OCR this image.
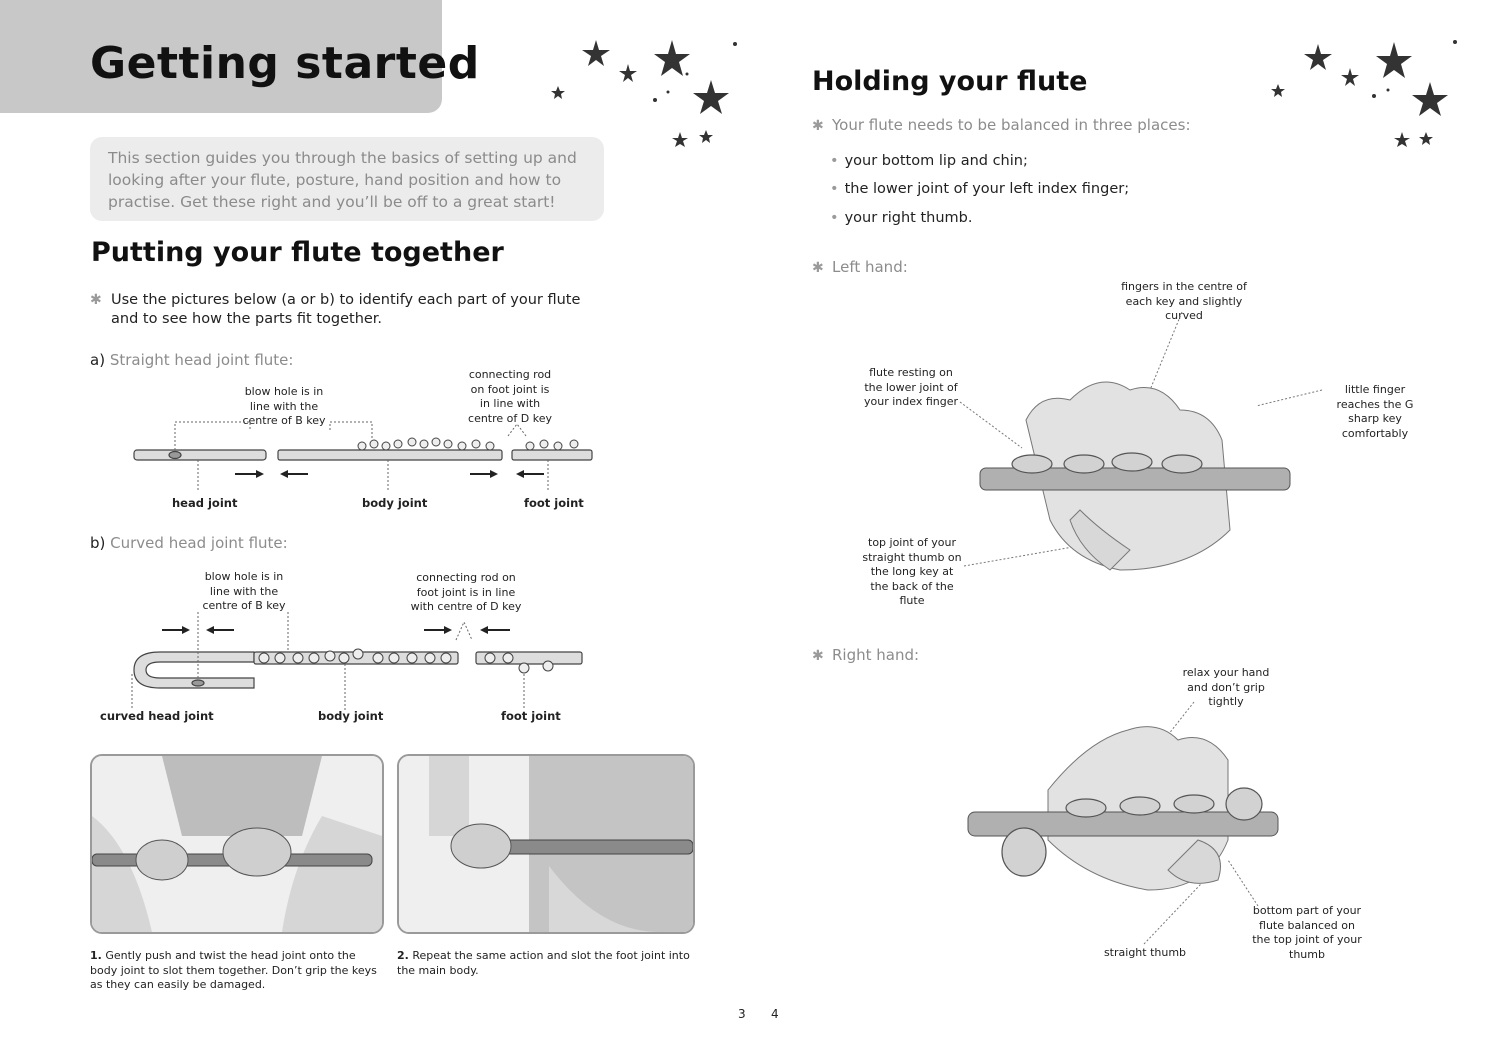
Getting started
This section guides you through the basics of setting up and looking after your flute, posture, hand position and how to practise. Get these right and you’ll be off to a great start!
Putting your flute together
✱ Use the pictures below (a or b) to identify each part of your flute and to see how the parts fit together.
a) Straight head joint flute:
blow hole is in line with the centre of B key
connecting rod on foot joint is in line with centre of D key
head joint	body joint	foot joint
b) Curved head joint flute:
blow hole is in line with the centre of B key
connecting rod on foot joint is in line with centre of D key
curved head joint	body joint	foot joint
1. Gently push and twist the head joint onto the body joint to slot them together. Don’t grip the keys as they can easily be damaged.
2. Repeat the same action and slot the foot joint into the main body.
3
Holding your flute
✱ Your flute needs to be balanced in three places:
• your bottom lip and chin;
• the lower joint of your left index finger;
• your right thumb.
✱ Left hand:
fingers in the centre of each key and slightly curved
flute resting on the lower joint of your index finger
little finger reaches the G sharp key comfortably
top joint of your straight thumb on the long key at the back of the flute
✱ Right hand:
relax your hand and don’t grip tightly
straight thumb
bottom part of your flute balanced on the top joint of your thumb
4
